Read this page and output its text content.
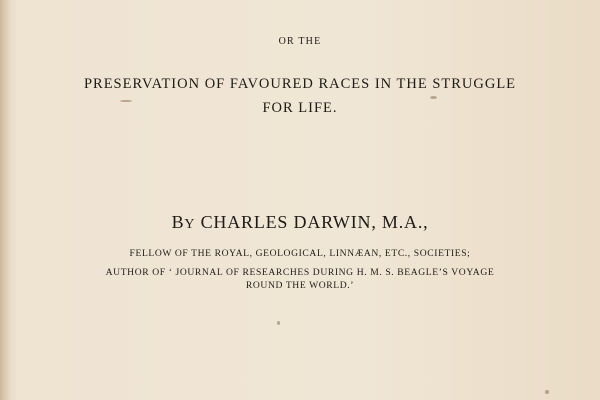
OR THE
PRESERVATION OF FAVOURED RACES IN THE STRUGGLE
FOR LIFE.
BY CHARLES DARWIN, M.A.,
FELLOW OF THE ROYAL, GEOLOGICAL, LINNÆAN, ETC., SOCIETIES;
AUTHOR OF ‘ JOURNAL OF RESEARCHES DURING H. M. S. BEAGLE’S VOYAGE
ROUND THE WORLD.’
